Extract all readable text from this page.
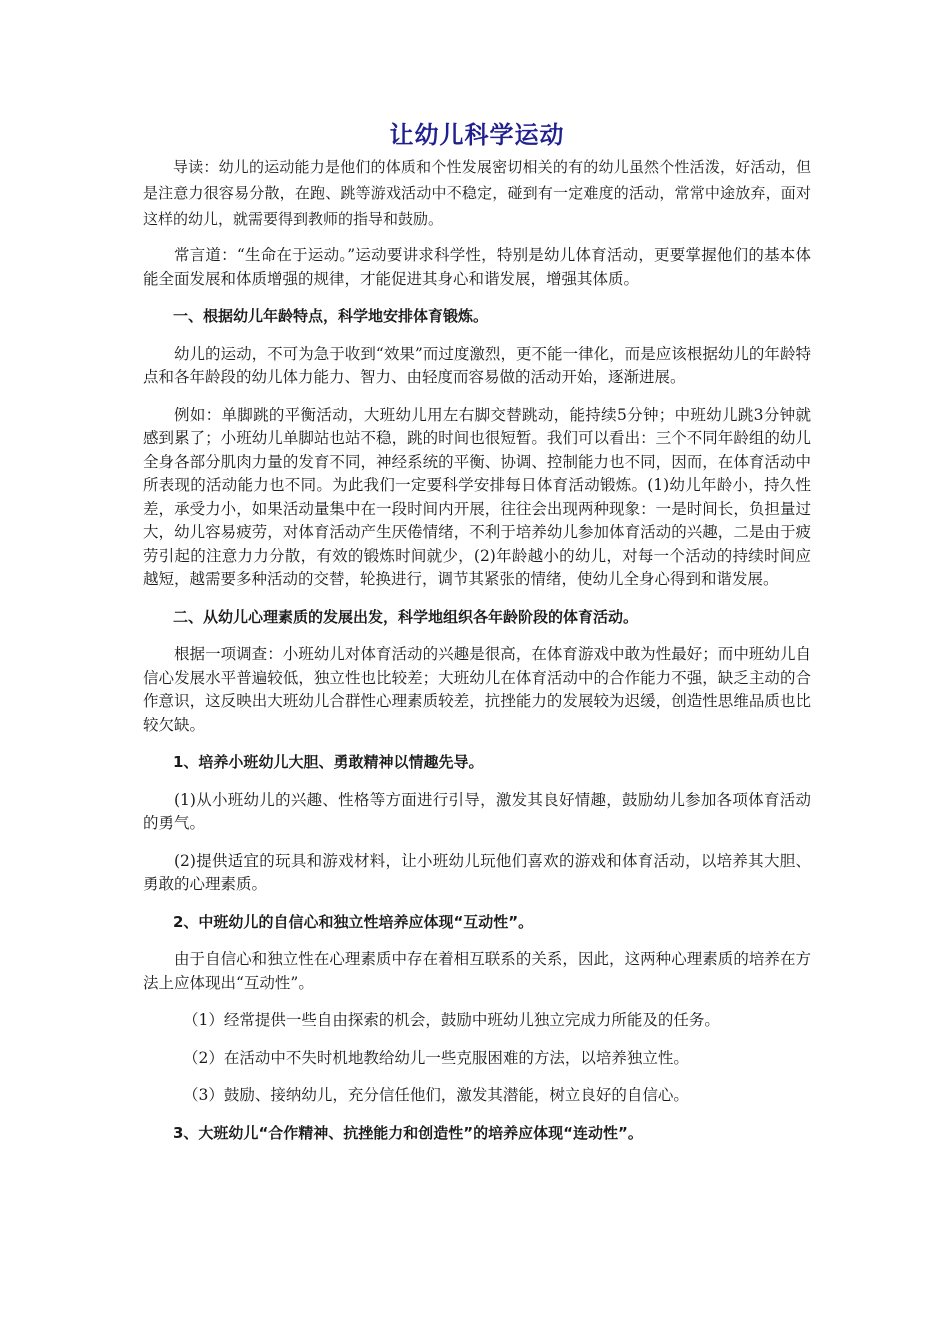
让幼儿科学运动

导读：幼儿的运动能力是他们的体质和个性发展密切相关的有的幼儿虽然个性活泼，好活动，但是注意力很容易分散，在跑、跳等游戏活动中不稳定，碰到有一定难度的活动，常常中途放弃，面对这样的幼儿，就需要得到教师的指导和鼓励。

常言道：“生命在于运动。”运动要讲求科学性，特别是幼儿体育活动，更要掌握他们的基本体能全面发展和体质增强的规律，才能促进其身心和谐发展，增强其体质。

一、根据幼儿年龄特点，科学地安排体育锻炼。

幼儿的运动，不可为急于收到“效果”而过度激烈，更不能一律化，而是应该根据幼儿的年龄特点和各年龄段的幼儿体力能力、智力、由轻度而容易做的活动开始，逐渐进展。

例如：单脚跳的平衡活动，大班幼儿用左右脚交替跳动，能持续5分钟；中班幼儿跳3分钟就感到累了；小班幼儿单脚站也站不稳，跳的时间也很短暂。我们可以看出：三个不同年龄组的幼儿全身各部分肌肉力量的发育不同，神经系统的平衡、协调、控制能力也不同，因而，在体育活动中所表现的活动能力也不同。为此我们一定要科学安排每日体育活动锻炼。(1)幼儿年龄小，持久性差，承受力小，如果活动量集中在一段时间内开展，往往会出现两种现象：一是时间长，负担量过大，幼儿容易疲劳，对体育活动产生厌倦情绪，不利于培养幼儿参加体育活动的兴趣，二是由于疲劳引起的注意力力分散，有效的锻炼时间就少，(2)年龄越小的幼儿，对每一个活动的持续时间应越短，越需要多种活动的交替，轮换进行，调节其紧张的情绪，使幼儿全身心得到和谐发展。

二、从幼儿心理素质的发展出发，科学地组织各年龄阶段的体育活动。

根据一项调查：小班幼儿对体育活动的兴趣是很高，在体育游戏中敢为性最好；而中班幼儿自信心发展水平普遍较低，独立性也比较差；大班幼儿在体育活动中的合作能力不强，缺乏主动的合作意识，这反映出大班幼儿合群性心理素质较差，抗挫能力的发展较为迟缓，创造性思维品质也比较欠缺。

1、培养小班幼儿大胆、勇敢精神以情趣先导。

(1)从小班幼儿的兴趣、性格等方面进行引导，激发其良好情趣，鼓励幼儿参加各项体育活动的勇气。

(2)提供适宜的玩具和游戏材料，让小班幼儿玩他们喜欢的游戏和体育活动，以培养其大胆、勇敢的心理素质。

2、中班幼儿的自信心和独立性培养应体现“互动性”。

由于自信心和独立性在心理素质中存在着相互联系的关系，因此，这两种心理素质的培养在方法上应体现出“互动性”。

（1）经常提供一些自由探索的机会，鼓励中班幼儿独立完成力所能及的任务。

（2）在活动中不失时机地教给幼儿一些克服困难的方法，以培养独立性。

（3）鼓励、接纳幼儿，充分信任他们，激发其潜能，树立良好的自信心。

3、大班幼儿“合作精神、抗挫能力和创造性”的培养应体现“连动性”。
